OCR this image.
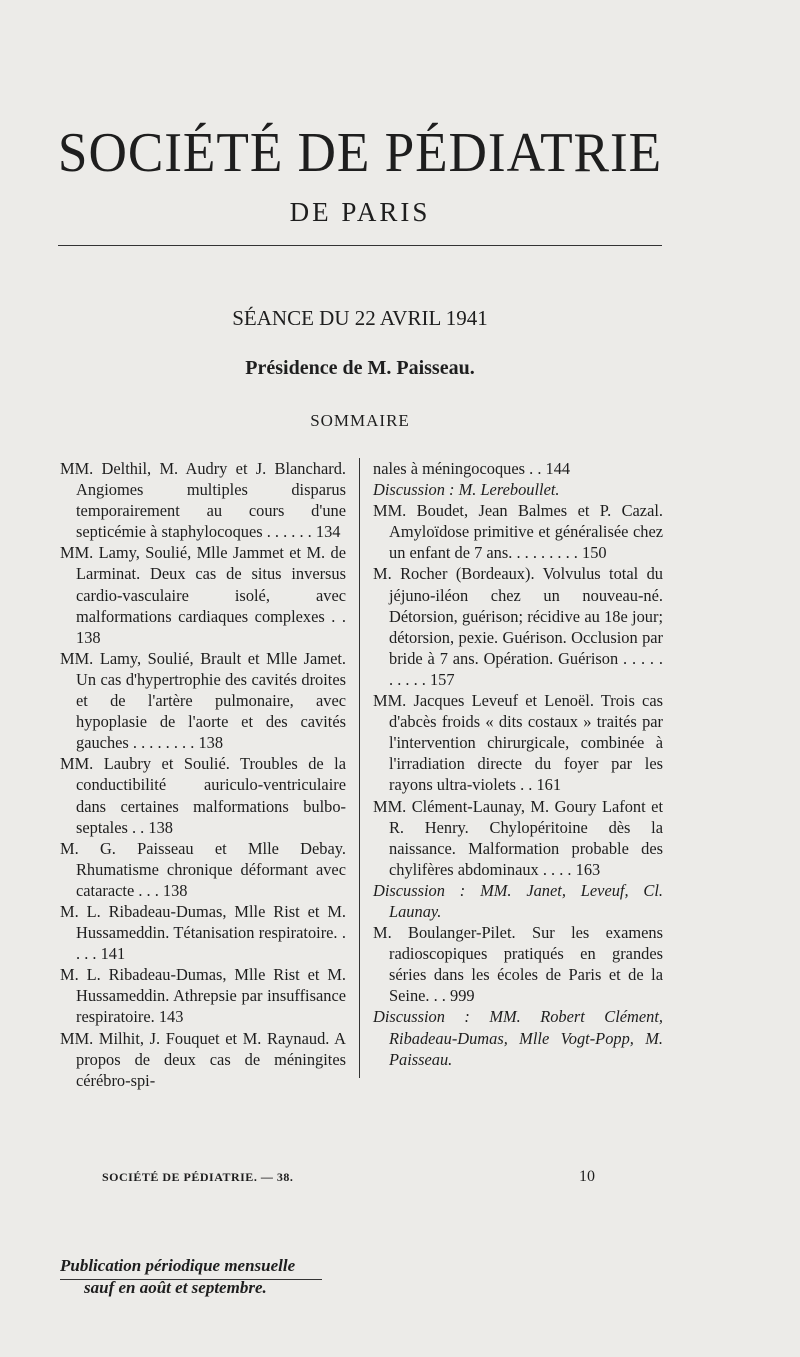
SOCIÉTÉ DE PÉDIATRIE
DE PARIS
SÉANCE DU 22 AVRIL 1941
Présidence de M. Paisseau.
SOMMAIRE
MM. Delthil, M. Audry et J. Blanchard. Angiomes multiples disparus temporairement au cours d'une septicémie à staphylocoques . . . . . . 134
MM. Lamy, Soulié, Mlle Jammet et M. de Larminat. Deux cas de situs inversus cardio-vasculaire isolé, avec malformations cardiaques complexes . . 138
MM. Lamy, Soulié, Brault et Mlle Jamet. Un cas d'hypertrophie des cavités droites et de l'artère pulmonaire, avec hypoplasie de l'aorte et des cavités gauches . . . . . . . . 138
MM. Laubry et Soulié. Troubles de la conductibilité auriculo-ventriculaire dans certaines malformations bulbo-septales . . 138
M. G. Paisseau et Mlle Debay. Rhumatisme chronique déformant avec cataracte . . . 138
M. L. Ribadeau-Dumas, Mlle Rist et M. Hussameddin. Tétanisation respiratoire. . . . . 141
M. L. Ribadeau-Dumas, Mlle Rist et M. Hussameddin. Athrepsie par insuffisance respiratoire. 143
MM. Milhit, J. Fouquet et M. Raynaud. A propos de deux cas de méningites cérébro-spi-
nales à méningocoques . . 144
Discussion : M. Lereboullet.
MM. Boudet, Jean Balmes et P. Cazal. Amyloïdose primitive et généralisée chez un enfant de 7 ans. . . . . . . . . 150
M. Rocher (Bordeaux). Volvulus total du jéjuno-iléon chez un nouveau-né. Détorsion, guérison; récidive au 18e jour; détorsion, pexie. Guérison. Occlusion par bride à 7 ans. Opération. Guérison . . . . . . . . . . 157
MM. Jacques Leveuf et Lenoël. Trois cas d'abcès froids « dits costaux » traités par l'intervention chirurgicale, combinée à l'irradiation directe du foyer par les rayons ultra-violets . . 161
MM. Clément-Launay, M. Goury Lafont et R. Henry. Chylopéritoine dès la naissance. Malformation probable des chylifères abdominaux . . . . 163
Discussion : MM. Janet, Leveuf, Cl. Launay.
M. Boulanger-Pilet. Sur les examens radioscopiques pratiqués en grandes séries dans les écoles de Paris et de la Seine. . . 999
Discussion : MM. Robert Clément, Ribadeau-Dumas, Mlle Vogt-Popp, M. Paisseau.
SOCIÉTÉ DE PÉDIATRIE. — 38.	10
Publication périodique mensuelle
sauf en août et septembre.
